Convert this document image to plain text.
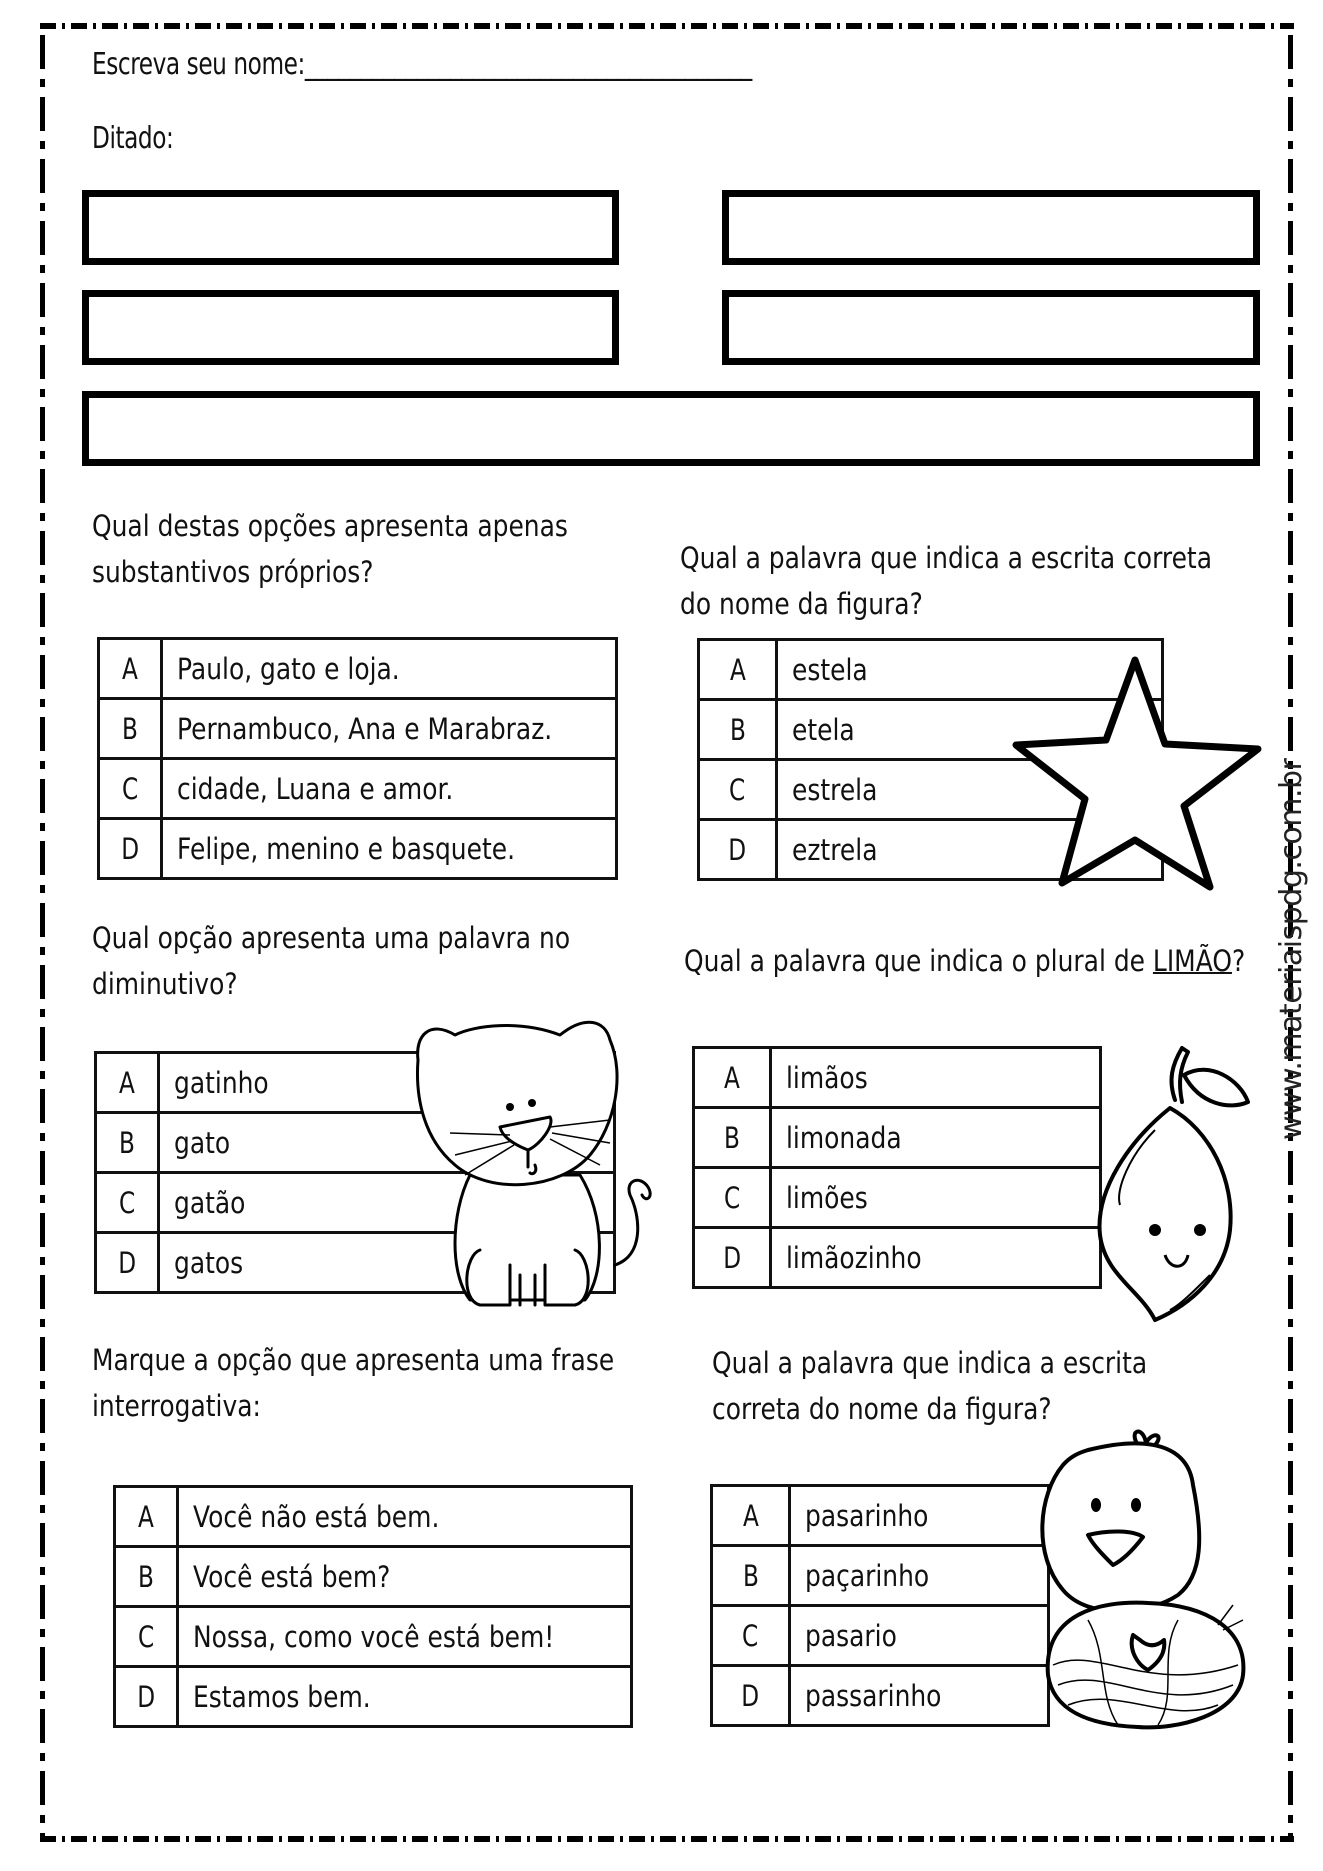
Escreva seu nome:________________________________________
Ditado:
Qual destas opções apresenta apenas
substantivos próprios?
A	Paulo, gato e loja.
B	Pernambuco, Ana e Marabraz.
C	cidade, Luana e amor.
D	Felipe, menino e basquete.
Qual a palavra que indica a escrita correta
do nome da figura?
A	estela
B	etela
C	estrela
D	eztrela
Qual opção apresenta uma palavra no
diminutivo?
A	gatinho
B	gato
C	gatão
D	gatos
Qual a palavra que indica o plural de LIMÃO?
A	limãos
B	limonada
C	limões
D	limãozinho
Marque a opção que apresenta uma frase
interrogativa:
A	Você não está bem.
B	Você está bem?
C	Nossa, como você está bem!
D	Estamos bem.
Qual a palavra que indica a escrita
correta do nome da figura?
A	pasarinho
B	paçarinho
C	pasario
D	passarinho
www.materiaispdg.com.br
